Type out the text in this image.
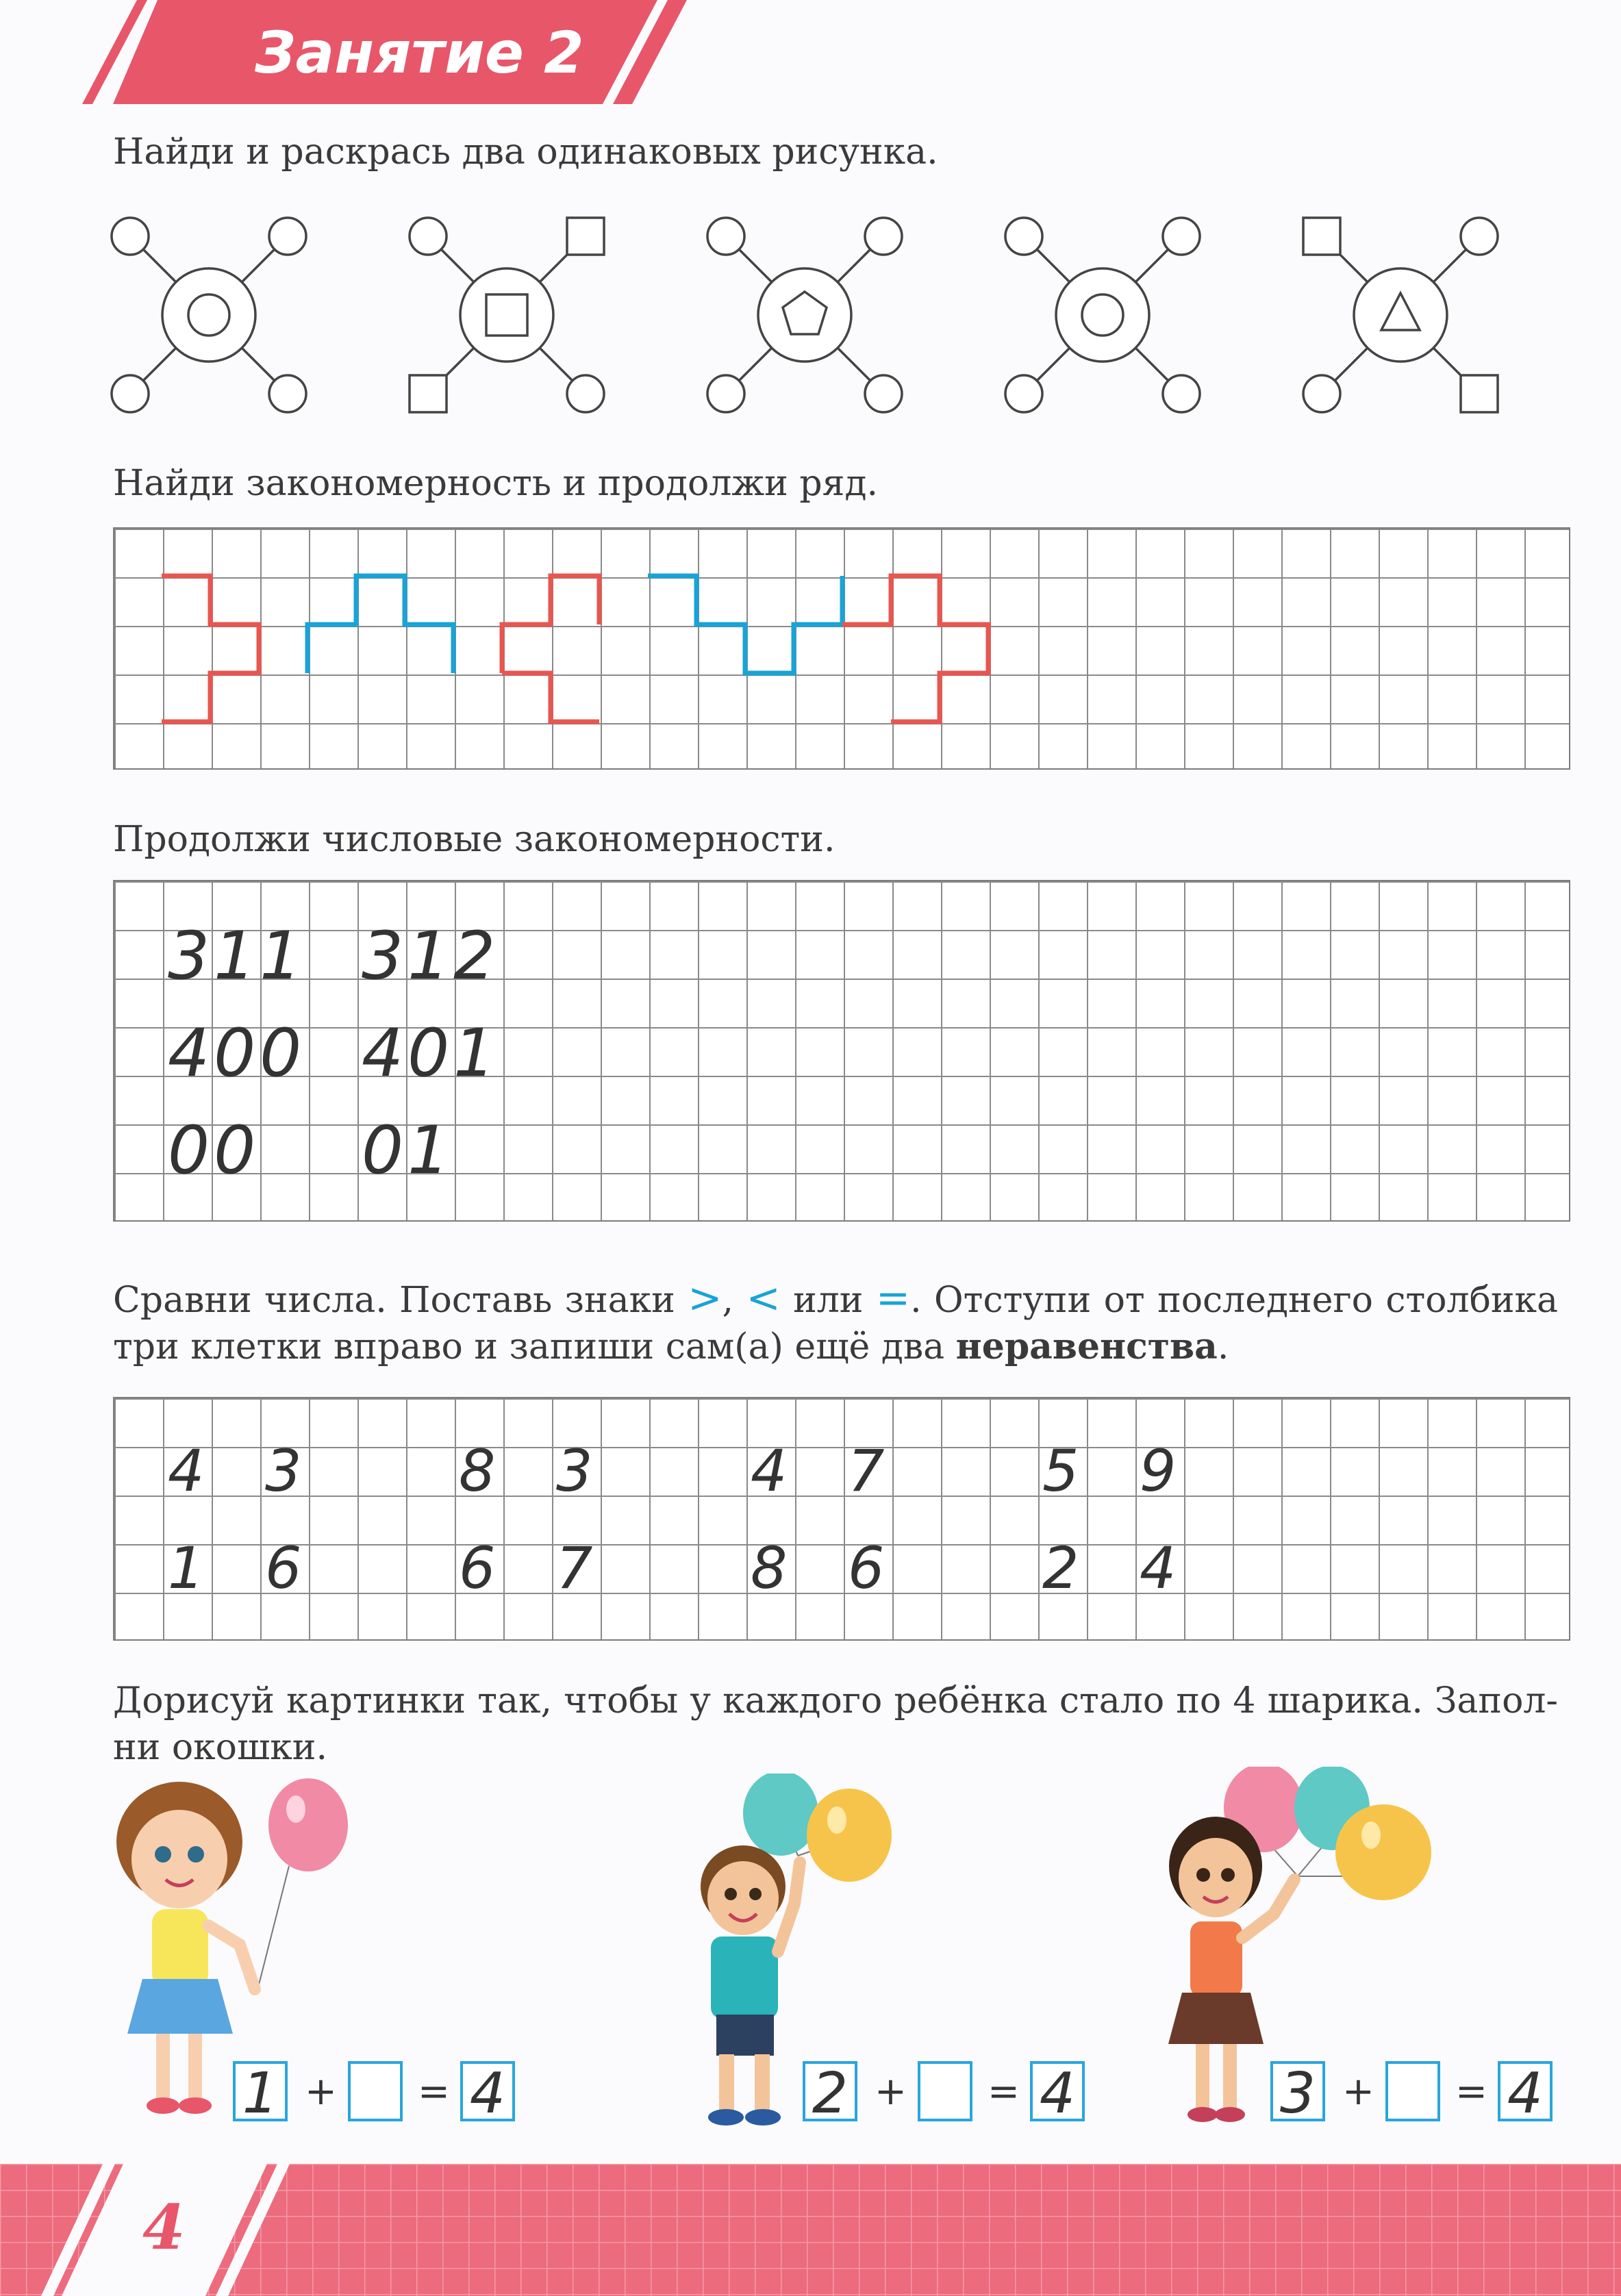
Занятие 2
Найди и раскрась два одинаковых рисунка.
Найди закономерность и продолжи ряд.
Продолжи числовые закономерности.
311 312
400 401
00 01
Сравни числа. Поставь знаки >, < или =. Отступи от последнего столбика три клетки вправо и запиши сам(а) ещё два неравенства.
4 3	8 3	4 7	5 9
1 6	6 7	8 6	2 4
Дорисуй картинки так, чтобы у каждого ребёнка стало по 4 шарика. Запол-ни окошки.
1 + = 4	2 + = 4	3 + = 4
4
